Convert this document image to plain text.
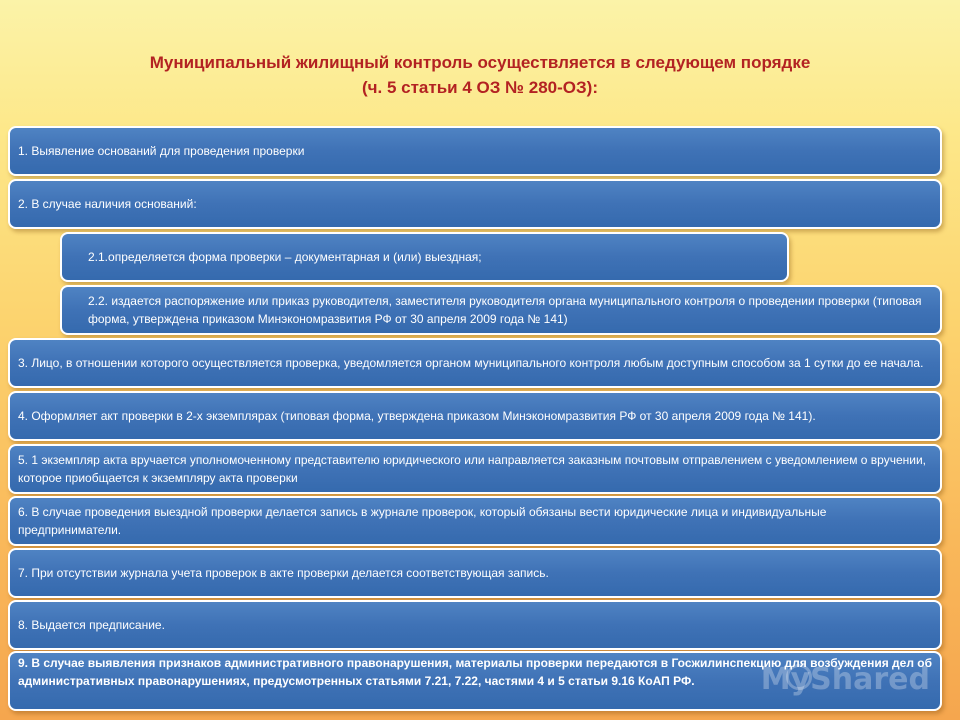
Муниципальный жилищный контроль осуществляется в следующем порядке
(ч. 5 статьи 4 ОЗ № 280-ОЗ):
1. Выявление оснований для проведения проверки
2. В случае наличия оснований:
2.1.определяется форма проверки – документарная и (или) выездная;
2.2. издается распоряжение или приказ руководителя, заместителя руководителя органа муниципального контроля о проведении проверки (типовая форма, утверждена приказом Минэкономразвития РФ от 30 апреля 2009 года № 141)
3. Лицо, в отношении которого осуществляется проверка, уведомляется органом муниципального контроля любым доступным способом за 1 сутки до ее начала.
4. Оформляет акт проверки в 2-х экземплярах (типовая форма, утверждена приказом Минэкономразвития РФ от 30 апреля 2009 года № 141).
5. 1 экземпляр акта вручается уполномоченному представителю юридического или направляется заказным почтовым отправлением с уведомлением о вручении, которое приобщается к экземпляру акта проверки
6. В случае проведения выездной проверки делается запись в журнале проверок, который обязаны вести юридические лица и индивидуальные предприниматели.
7. При отсутствии журнала учета проверок в акте проверки делается соответствующая запись.
8. Выдается предписание.
9. В случае выявления признаков административного правонарушения, материалы проверки передаются в Госжилинспекцию для возбуждения дел об административных правонарушениях, предусмотренных статьями 7.21, 7.22, частями 4 и 5 статьи 9.16 КоАП РФ.	MyShared
